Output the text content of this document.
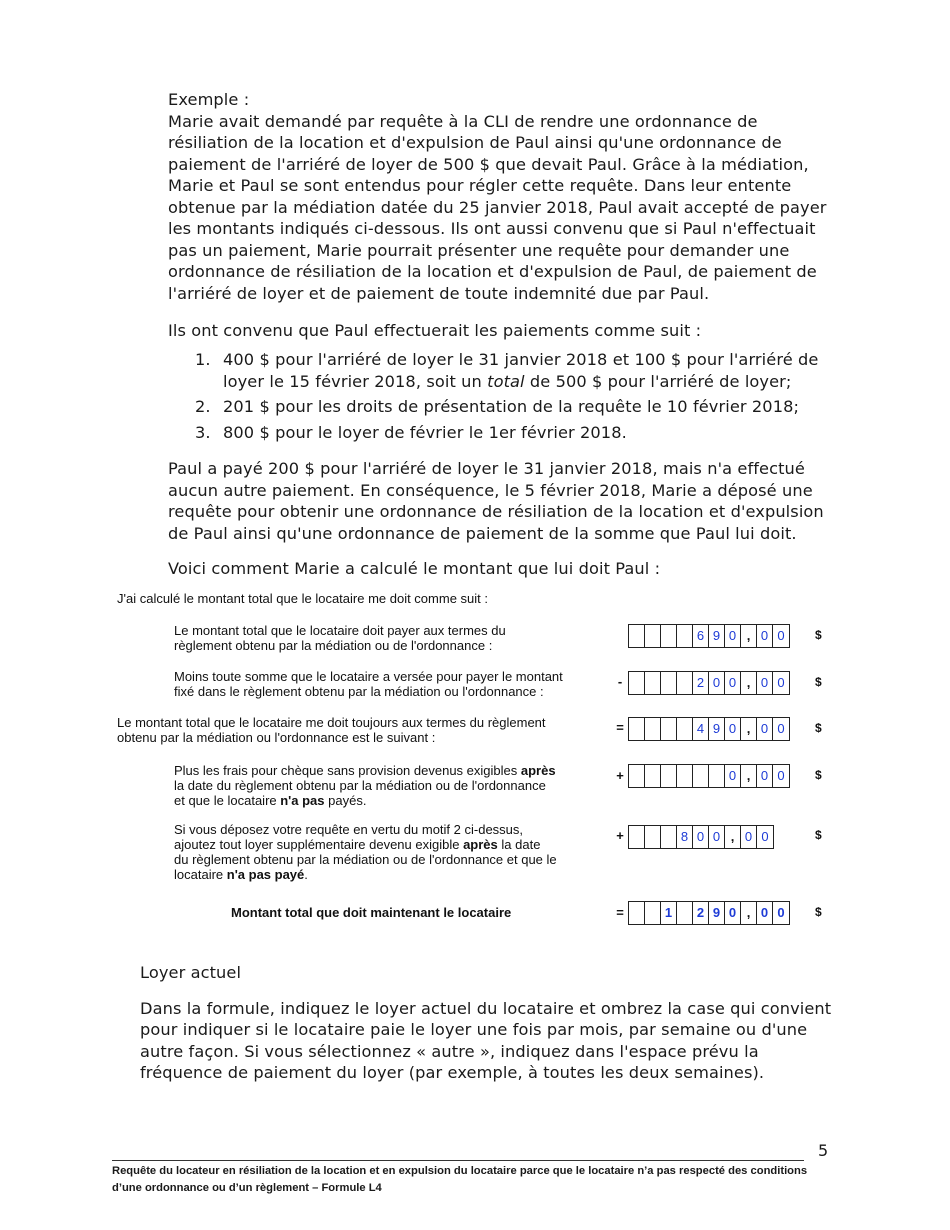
Exemple :

Marie avait demandé par requête à la CLI de rendre une ordonnance de résiliation de la location et d'expulsion de Paul ainsi qu'une ordonnance de paiement de l'arriéré de loyer de 500 $ que devait Paul. Grâce à la médiation, Marie et Paul se sont entendus pour régler cette requête. Dans leur entente obtenue par la médiation datée du 25 janvier 2018, Paul avait accepté de payer les montants indiqués ci-dessous. Ils ont aussi convenu que si Paul n'effectuait pas un paiement, Marie pourrait présenter une requête pour demander une ordonnance de résiliation de la location et d'expulsion de Paul, de paiement de l'arriéré de loyer et de paiement de toute indemnité due par Paul.

Ils ont convenu que Paul effectuerait les paiements comme suit :

1. 400 $ pour l'arriéré de loyer le 31 janvier 2018 et 100 $ pour l'arriéré de loyer le 15 février 2018, soit un total de 500 $ pour l'arriéré de loyer;
2. 201 $ pour les droits de présentation de la requête le 10 février 2018;
3. 800 $ pour le loyer de février le 1er février 2018.

Paul a payé 200 $ pour l'arriéré de loyer le 31 janvier 2018, mais n'a effectué aucun autre paiement. En conséquence, le 5 février 2018, Marie a déposé une requête pour obtenir une ordonnance de résiliation de la location et d'expulsion de Paul ainsi qu'une ordonnance de paiement de la somme que Paul lui doit.

Voici comment Marie a calculé le montant que lui doit Paul :

J'ai calculé le montant total que le locataire me doit comme suit :
Le montant total que le locataire doit payer aux termes du
règlement obtenu par la médiation ou de l'ordonnance :
6 9 0 , 0 0	$
Moins toute somme que le locataire a versée pour payer le montant
fixé dans le règlement obtenu par la médiation ou l'ordonnance :
-	2 0 0 , 0 0	$
Le montant total que le locataire me doit toujours aux termes du règlement
obtenu par la médiation ou l'ordonnance est le suivant :
=	4 9 0 , 0 0	$
Plus les frais pour chèque sans provision devenus exigibles après
la date du règlement obtenu par la médiation ou de l'ordonnance
et que le locataire n'a pas payés.
+	0 , 0 0	$
Si vous déposez votre requête en vertu du motif 2 ci-dessus,
ajoutez tout loyer supplémentaire devenu exigible après la date
du règlement obtenu par la médiation ou de l'ordonnance et que le
locataire n'a pas payé.
+	8 0 0 , 0 0	$
Montant total que doit maintenant le locataire	=	1	2 9 0 , 0 0	$
Loyer actuel
Dans la formule, indiquez le loyer actuel du locataire et ombrez la case qui convient pour indiquer si le locataire paie le loyer une fois par mois, par semaine ou d'une autre façon. Si vous sélectionnez « autre », indiquez dans l'espace prévu la fréquence de paiement du loyer (par exemple, à toutes les deux semaines).
5
Requête du locateur en résiliation de la location et en expulsion du locataire parce que le locataire n’a pas respecté des conditions d’une ordonnance ou d’un règlement – Formule L4
